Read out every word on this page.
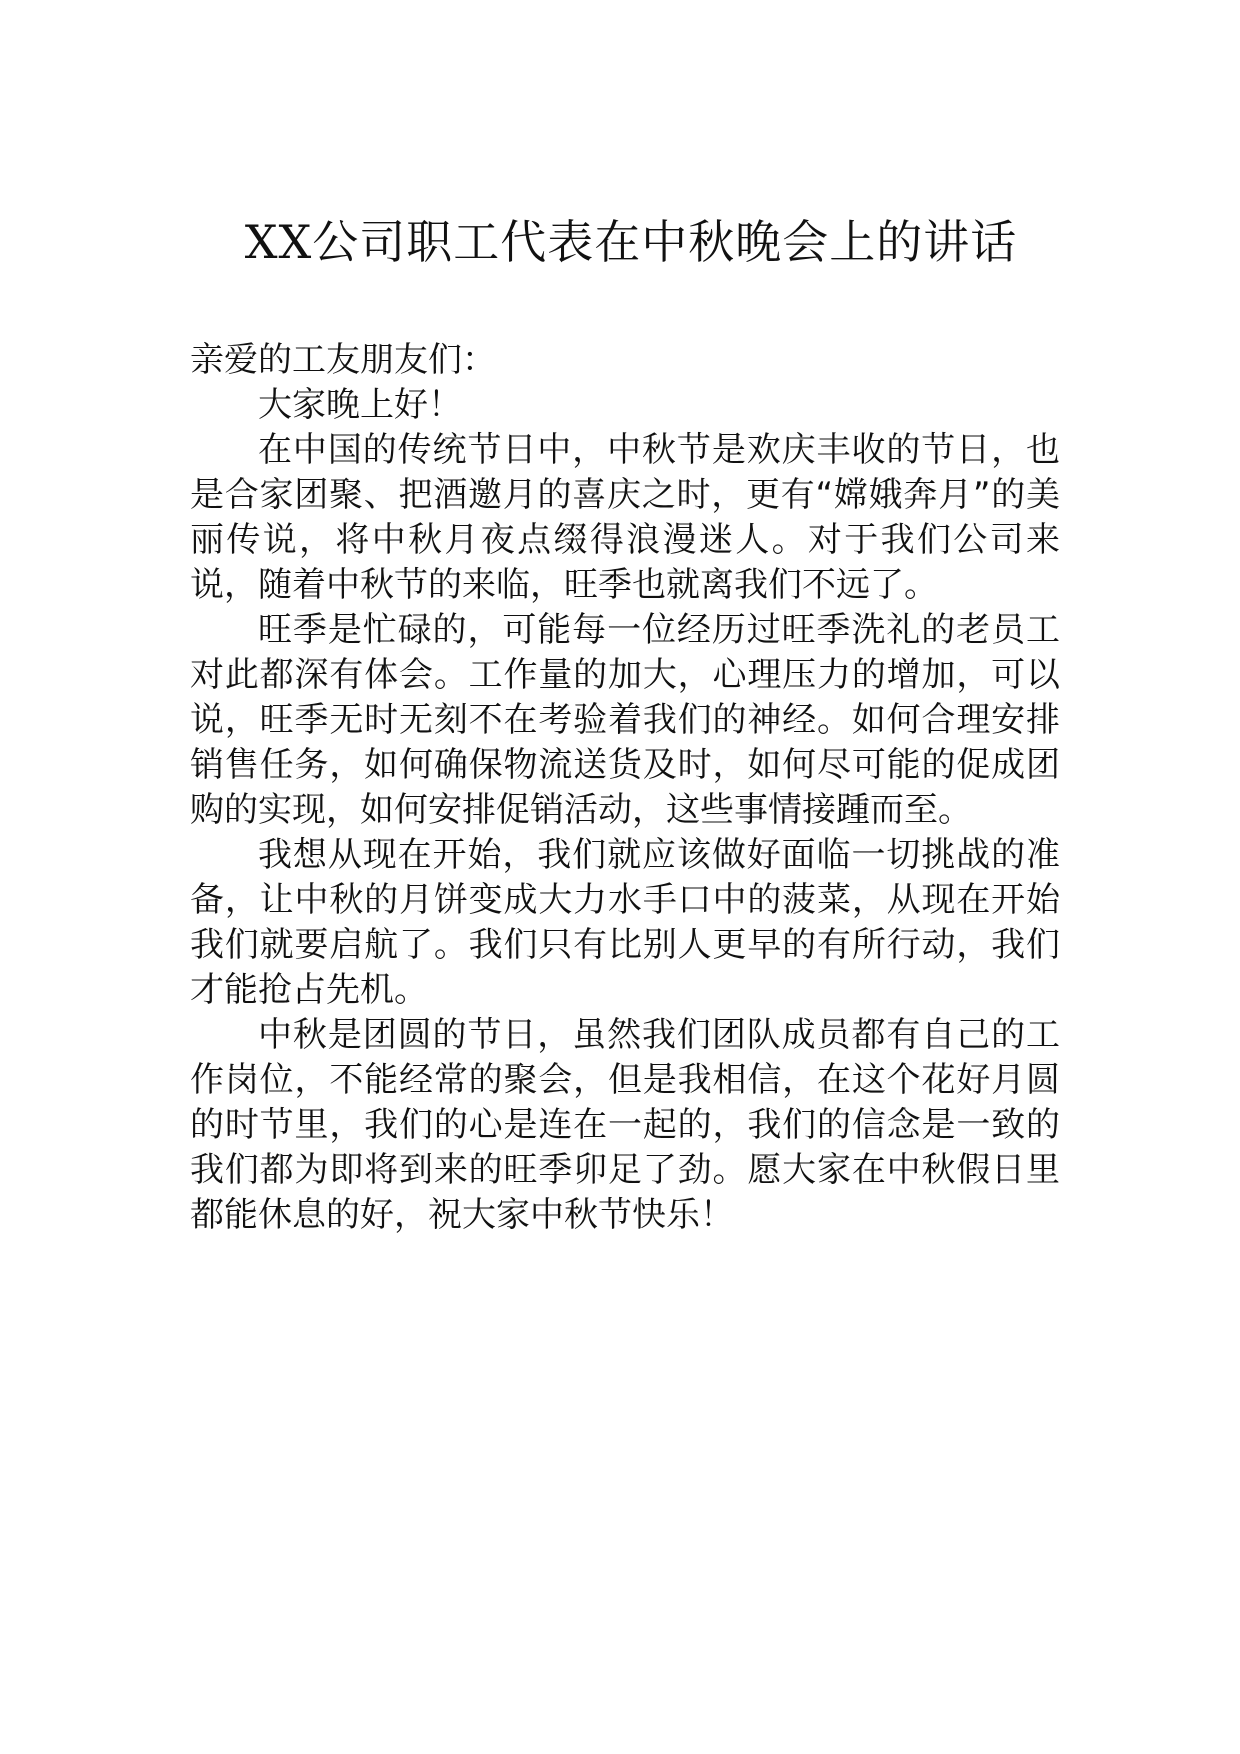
XX公司职工代表在中秋晚会上的讲话

亲爱的工友朋友们：

大家晚上好！

在中国的传统节日中，中秋节是欢庆丰收的节日，也是合家团聚、把酒邀月的喜庆之时，更有“嫦娥奔月”的美丽传说，将中秋月夜点缀得浪漫迷人。对于我们公司来说，随着中秋节的来临，旺季也就离我们不远了。

旺季是忙碌的，可能每一位经历过旺季洗礼的老员工对此都深有体会。工作量的加大，心理压力的增加，可以说，旺季无时无刻不在考验着我们的神经。如何合理安排销售任务，如何确保物流送货及时，如何尽可能的促成团购的实现，如何安排促销活动，这些事情接踵而至。

我想从现在开始，我们就应该做好面临一切挑战的准备，让中秋的月饼变成大力水手口中的菠菜，从现在开始我们就要启航了。我们只有比别人更早的有所行动，我们才能抢占先机。

中秋是团圆的节日，虽然我们团队成员都有自己的工作岗位，不能经常的聚会，但是我相信，在这个花好月圆的时节里，我们的心是连在一起的，我们的信念是一致的我们都为即将到来的旺季卯足了劲。愿大家在中秋假日里都能休息的好，祝大家中秋节快乐！
